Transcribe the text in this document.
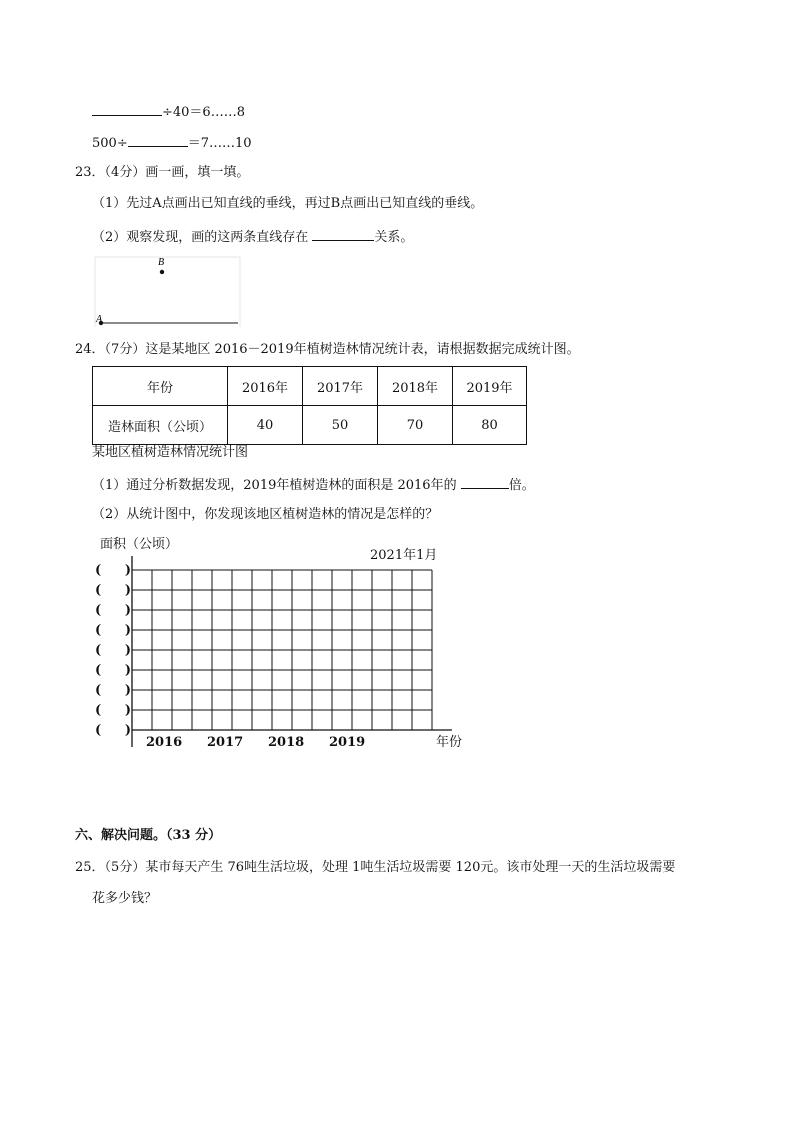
÷40＝6……8
500÷	＝7……10
23．（4分）画一画，填一填。
（1）先过A点画出已知直线的垂线，再过B点画出已知直线的垂线。
（2）观察发现，画的这两条直线存在	关系。
B
A
24．（7分）这是某地区 2016－2019年植树造林情况统计表，请根据数据完成统计图。
年份	2016年	2017年	2018年	2019年
造林面积（公顷）	40	50	70	80
某地区植树造林情况统计图
（1）通过分析数据发现，2019年植树造林的面积是 2016年的	倍。
（2）从统计图中，你发现该地区植树造林的情况是怎样的？
面积（公顷）
2021年1月
( )
( )
( )
( )
( )
( )
( )
( )
( )
2016 2017 2018 2019	年份
六、解决问题。（33 分）
25．（5分）某市每天产生 76吨生活垃圾，处理 1吨生活垃圾需要 120元。该市处理一天的生活垃圾需要
花多少钱？
